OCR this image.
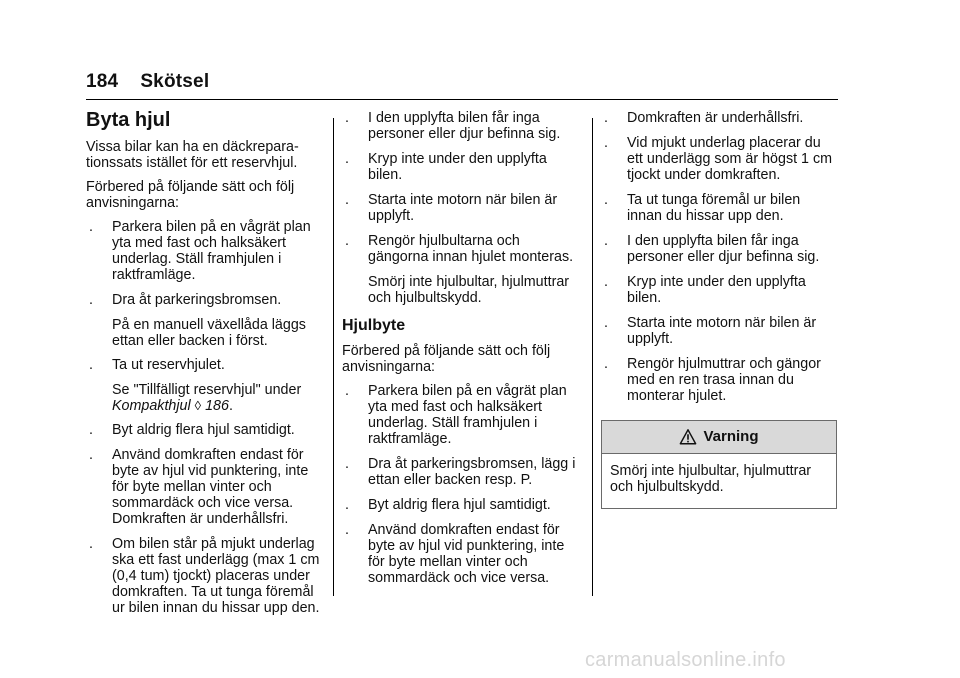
184 Skötsel
Byta hjul

Vissa bilar kan ha en däckrepara-tionssats istället för ett reservhjul.

Förbered på följande sätt och följ anvisningarna:

. Parkera bilen på en vågrät plan yta med fast och halksäkert underlag. Ställ framhjulen i raktframläge.
. Dra åt parkeringsbromsen.

På en manuell växellåda läggs ettan eller backen i först.

. Ta ut reservhjulet.

Se "Tillfälligt reservhjul" under
Kompakthjul ◊ 186.

. Byt aldrig flera hjul samtidigt.
. Använd domkraften endast för byte av hjul vid punktering, inte för byte mellan vinter och sommardäck och vice versa. Domkraften är underhållsfri.
. Om bilen står på mjukt underlag ska ett fast underlägg (max 1 cm (0,4 tum) tjockt) placeras under domkraften. Ta ut tunga föremål ur bilen innan du hissar upp den.
. I den upplyfta bilen får inga personer eller djur befinna sig.
. Kryp inte under den upplyfta bilen.
. Starta inte motorn när bilen är upplyft.
. Rengör hjulbultarna och gängorna innan hjulet monteras.

Smörj inte hjulbultar, hjulmuttrar och hjulbultskydd.

Hjulbyte

Förbered på följande sätt och följ anvisningarna:

. Parkera bilen på en vågrät plan yta med fast och halksäkert underlag. Ställ framhjulen i raktframläge.
. Dra åt parkeringsbromsen, lägg i ettan eller backen resp. P.
. Byt aldrig flera hjul samtidigt.
. Använd domkraften endast för byte av hjul vid punktering, inte för byte mellan vinter och sommardäck och vice versa.
. Domkraften är underhållsfri.
. Vid mjukt underlag placerar du ett underlägg som är högst 1 cm tjockt under domkraften.
. Ta ut tunga föremål ur bilen innan du hissar upp den.
. I den upplyfta bilen får inga personer eller djur befinna sig.
. Kryp inte under den upplyfta bilen.
. Starta inte motorn när bilen är upplyft.
. Rengör hjulmuttrar och gängor med en ren trasa innan du monterar hjulet.
Varning
Smörj inte hjulbultar, hjulmuttrar och hjulbultskydd.
carmanualsonline.info
